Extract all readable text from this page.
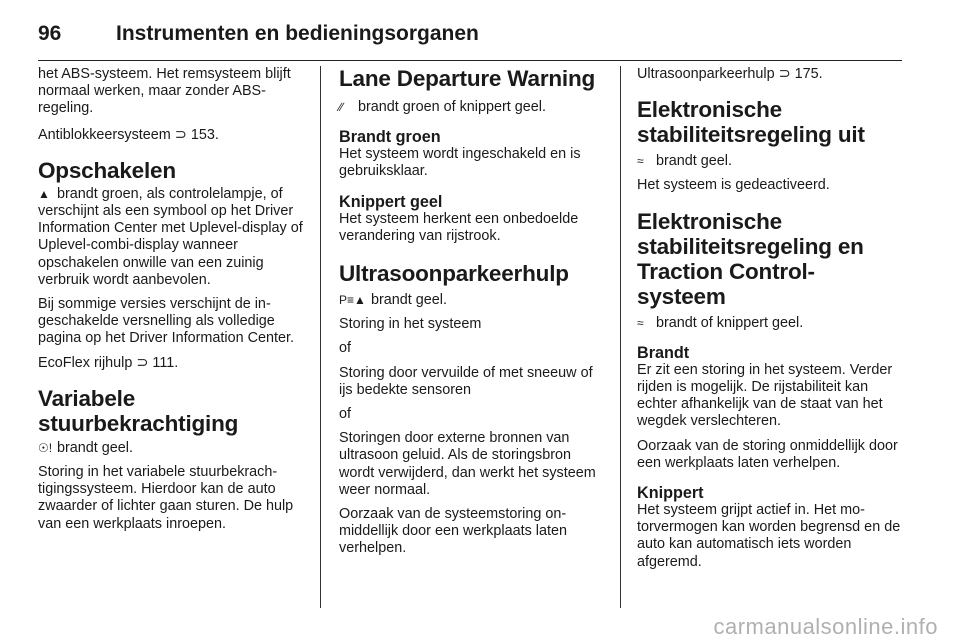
96	Instrumenten en bedieningsorganen

het ABS-systeem. Het remsysteem blijft normaal werken, maar zonder ABS-regeling.

Antiblokkeersysteem ⊃ 153.

Opschakelen

▲ brandt groen, als controlelampje, of verschijnt als een symbool op het Driver Information Center met Uplevel-display of Uplevel-combi-display wanneer opschakelen onwille van een zuinig verbruik wordt aanbevolen.

Bij sommige versies verschijnt de ingeschakelde versnelling als volledige pagina op het Driver Information Center.

EcoFlex rijhulp ⊃ 111.

Variabele stuurbekrachtiging

☉! brandt geel.

Storing in het variabele stuurbekrachtigingssysteem. Hierdoor kan de auto zwaarder of lichter gaan sturen. De hulp van een werkplaats inroepen.

Lane Departure Warning

∕∕ brandt groen of knippert geel.

Brandt groen

Het systeem wordt ingeschakeld en is gebruiksklaar.

Knippert geel

Het systeem herkent een onbedoelde verandering van rijstrook.

Ultrasoonparkeerhulp

P≡▲ brandt geel.

Storing in het systeem

of

Storing door vervuilde of met sneeuw of ijs bedekte sensoren

of

Storingen door externe bronnen van ultrasoon geluid. Als de storingsbron wordt verwijderd, dan werkt het systeem weer normaal.

Oorzaak van de systeemstoring onmiddellijk door een werkplaats laten verhelpen.

Ultrasoonparkeerhulp ⊃ 175.

Elektronische stabiliteitsregeling uit

≈ brandt geel.

Het systeem is gedeactiveerd.

Elektronische stabiliteitsregeling en Traction Control-systeem

≈ brandt of knippert geel.

Brandt

Er zit een storing in het systeem. Verder rijden is mogelijk. De rijstabiliteit kan echter afhankelijk van de staat van het wegdek verslechteren.

Oorzaak van de storing onmiddellijk door een werkplaats laten verhelpen.

Knippert

Het systeem grijpt actief in. Het motorvermogen kan worden begrensd en de auto kan automatisch iets worden afgeremd.

carmanualsonline.info
